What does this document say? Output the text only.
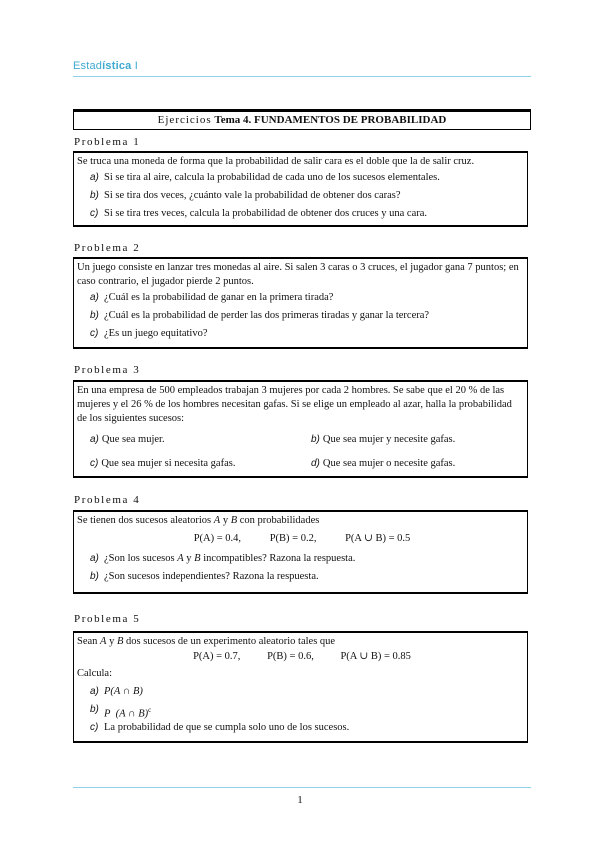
Estadística I
Ejercicios Tema 4. FUNDAMENTOS DE PROBABILIDAD
Problema 1

Se truca una moneda de forma que la probabilidad de salir cara es el doble que la de salir cruz.

a) Si se tira al aire, calcula la probabilidad de cada uno de los sucesos elementales.
b) Si se tira dos veces, ¿cuánto vale la probabilidad de obtener dos caras?
c) Si se tira tres veces, calcula la probabilidad de obtener dos cruces y una cara.
Problema 2

Un juego consiste en lanzar tres monedas al aire. Si salen 3 caras o 3 cruces, el jugador gana 7 puntos; en caso contrario, el jugador pierde 2 puntos.

a) ¿Cuál es la probabilidad de ganar en la primera tirada?
b) ¿Cuál es la probabilidad de perder las dos primeras tiradas y ganar la tercera?
c) ¿Es un juego equitativo?
Problema 3

En una empresa de 500 empleados trabajan 3 mujeres por cada 2 hombres. Se sabe que el 20 % de las mujeres y el 26 % de los hombres necesitan gafas. Si se elige un empleado al azar, halla la probabilidad de los siguientes sucesos:

a) Que sea mujer.	b) Que sea mujer y necesite gafas.
c) Que sea mujer si necesita gafas.	d) Que sea mujer o necesite gafas.
Problema 4

Se tienen dos sucesos aleatorios A y B con probabilidades

P(A) = 0.4,	P(B) = 0.2,	P(A ∪ B) = 0.5
a) ¿Son los sucesos A y B incompatibles? Razona la respuesta.
b) ¿Son sucesos independientes? Razona la respuesta.
Problema 5

Sean A y B dos sucesos de un experimento aleatorio tales que

P(A) = 0.7,	P(B) = 0.6,	P(A ∪ B) = 0.85
Calcula:
a) P(A ∩ B)
b) P (A ∩ B)$^c$
c) La probabilidad de que se cumpla solo uno de los sucesos.
1
